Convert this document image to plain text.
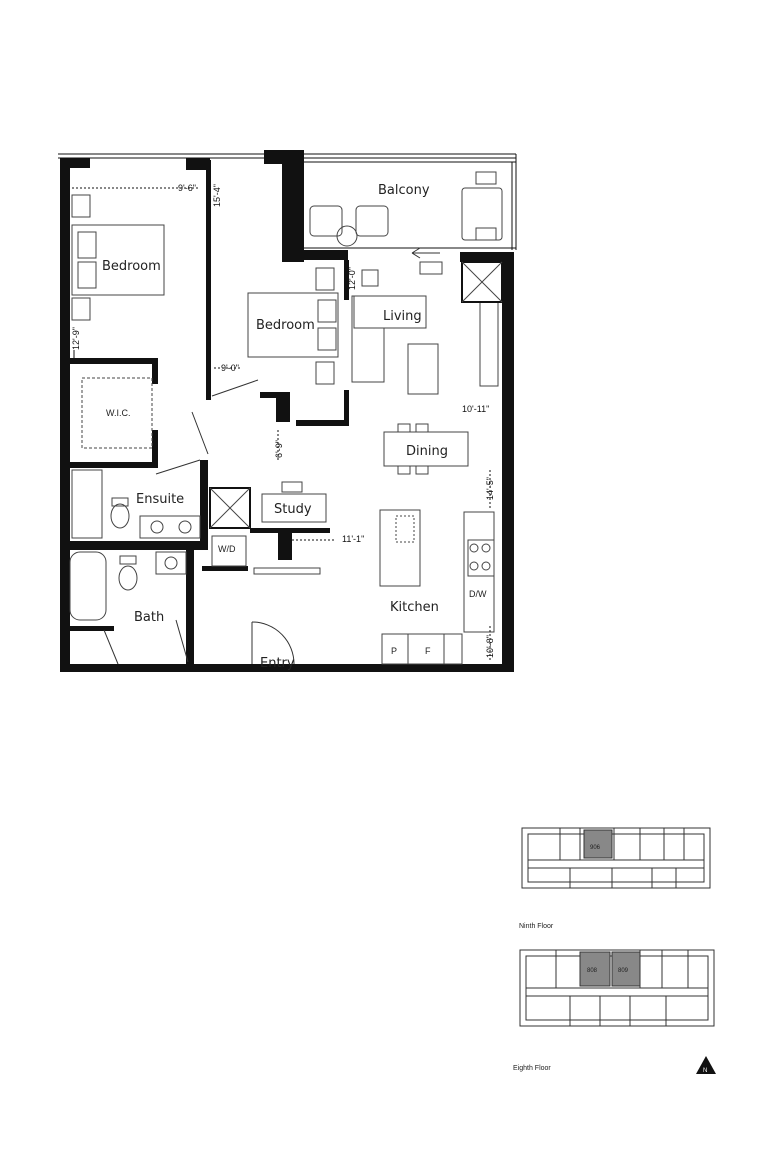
Balcony
Bedroom
Bedroom
W.I.C.
Living
Dining
Ensuite
Study
W/D
Kitchen
D/W
Bath
Entry
P	F
9'-6" 15'-4"
12'-0"
12'-9"
9'-0"
10'-11"
6'-9"
14'-5"
11'-1"
10'-8"
906
Ninth Floor
808	809
Eighth Floor	N
